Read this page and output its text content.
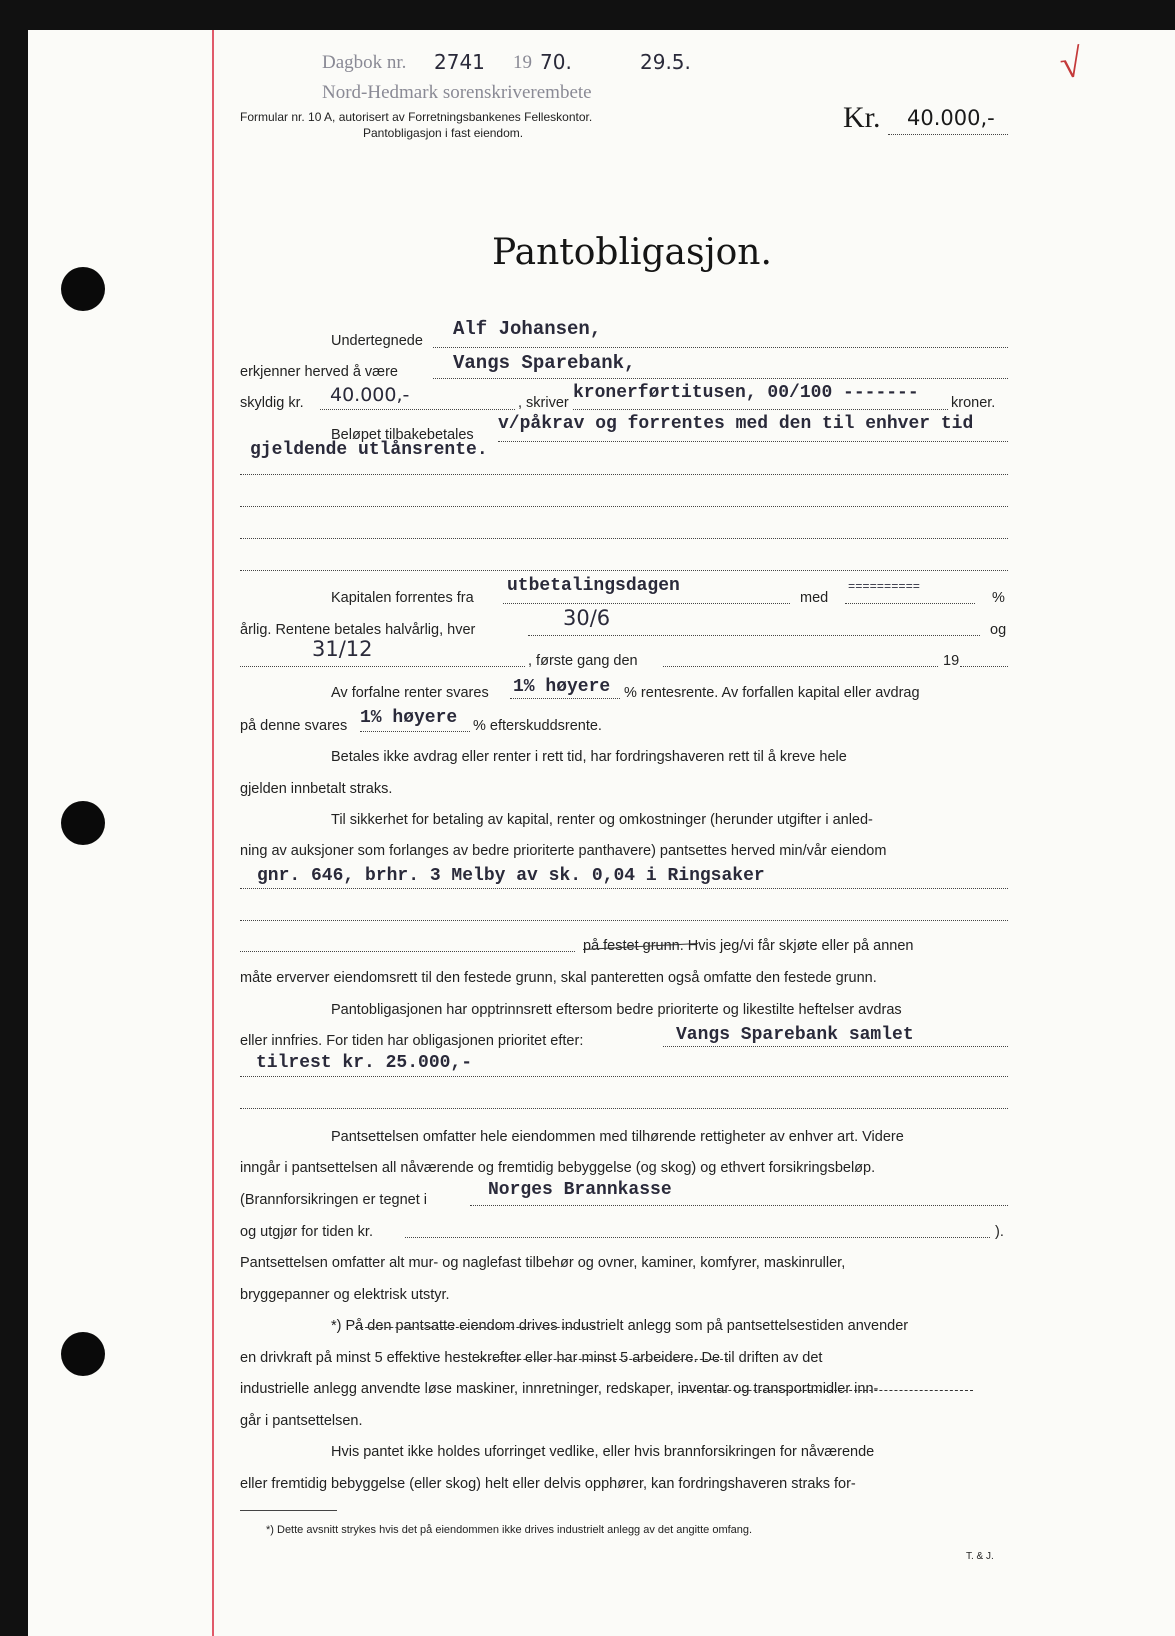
Dagbok nr. 2741 19 70.	29.5.
Nord-Hedmark sorenskriverembete
Formular nr. 10 A, autorisert av Forretningsbankenes Felleskontor.
Pantobligasjon i fast eiendom.	Kr. 40.000,-
√
Pantobligasjon.
Undertegnede
Alf Johansen,
erkjenner herved å være	Vangs Sparebank,
skyldig kr. 40.000,-	, skriver kronerførtitusen, 00/100 ------- kroner.
Beløpet tilbakebetales
v/påkrav og forrentes med den til enhver tid
gjeldende utlånsrente.
Kapitalen forrentes fra
utbetalingsdagen
med
==========
%
årlig. Rentene betales halvårlig, hver	30/6	og
31/12	, første gang den	19
Av forfalne renter svares 1% høyere % rentesrente. Av forfallen kapital eller avdrag
på denne svares 1% høyere % efterskuddsrente.
Betales ikke avdrag eller renter i rett tid, har fordringshaveren rett til å kreve hele
gjelden innbetalt straks.
Til sikkerhet for betaling av kapital, renter og omkostninger (herunder utgifter i anled-
ning av auksjoner som forlanges av bedre prioriterte panthavere) pantsettes herved min/vår eiendom
gnr. 646, brhr. 3 Melby av sk. 0,04 i Ringsaker
på festet grunn. Hvis jeg/vi får skjøte eller på annen
måte erverver eiendomsrett til den festede grunn, skal panteretten også omfatte den festede grunn.
Pantobligasjonen har opptrinnsrett eftersom bedre prioriterte og likestilte heftelser avdras
eller innfries. For tiden har obligasjonen prioritet efter:	Vangs Sparebank samlet
tilrest kr. 25.000,-
Pantsettelsen omfatter hele eiendommen med tilhørende rettigheter av enhver art. Videre
inngår i pantsettelsen all nåværende og fremtidig bebyggelse (og skog) og ethvert forsikringsbeløp.
(Brannforsikringen er tegnet i	Norges Brannkasse
og utgjør for tiden kr.	).
Pantsettelsen omfatter alt mur- og naglefast tilbehør og ovner, kaminer, komfyrer, maskinruller,
bryggepanner og elektrisk utstyr.
*) På den pantsatte eiendom drives industrielt anlegg som på pantsettelsestiden anvender
en drivkraft på minst 5 effektive hestekrefter eller har minst 5 arbeidere. De til driften av det
industrielle anlegg anvendte løse maskiner, innretninger, redskaper, inventar og transportmidler inn-
går i pantsettelsen.
Hvis pantet ikke holdes uforringet vedlike, eller hvis brannforsikringen for nåværende
eller fremtidig bebyggelse (eller skog) helt eller delvis opphører, kan fordringshaveren straks for-
*) Dette avsnitt strykes hvis det på eiendommen ikke drives industrielt anlegg av det angitte omfang.
T. & J.
